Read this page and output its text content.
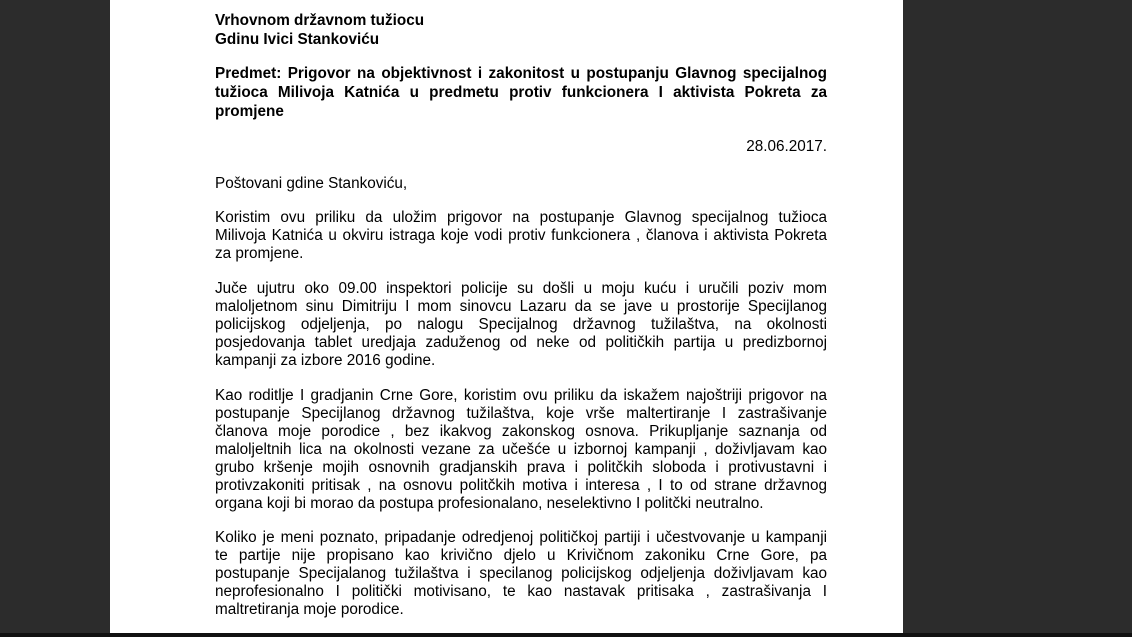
Vrhovnom državnom tužiocu
Gdinu Ivici Stankoviću
Predmet: Prigovor na objektivnost i zakonitost u postupanju Glavnog specijalnog
tužioca Milivoja Katnića u predmetu protiv funkcionera I aktivista Pokreta za
promjene
28.06.2017.
Poštovani gdine Stankoviću,
Koristim ovu priliku da uložim prigovor na postupanje Glavnog specijalnog tužioca
Milivoja Katnića u okviru istraga koje vodi protiv funkcionera , članova i aktivista Pokreta
za promjene.
Juče ujutru oko 09.00 inspektori policije su došli u moju kuću i uručili poziv mom
maloljetnom sinu Dimitriju I mom sinovcu Lazaru da se jave u prostorije Specijlanog
policijskog odjeljenja, po nalogu Specijalnog državnog tužilaštva, na okolnosti
posjedovanja tablet uredjaja zaduženog od neke od političkih partija u predizbornoj
kampanji za izbore 2016 godine.
Kao roditlje I gradjanin Crne Gore, koristim ovu priliku da iskažem najoštriji prigovor na
postupanje Specijlanog državnog tužilaštva, koje vrše maltertiranje I zastrašivanje
članova moje porodice , bez ikakvog zakonskog osnova. Prikupljanje saznanja od
maloljeltnih lica na okolnosti vezane za učešće u izbornoj kampanji , doživljavam kao
grubo kršenje mojih osnovnih gradjanskih prava i politčkih sloboda i protivustavni i
protivzakoniti pritisak , na osnovu politčkih motiva i interesa , I to od strane državnog
organa koji bi morao da postupa profesionalano, neselektivno I politčki neutralno.
Koliko je meni poznato, pripadanje odredjenoj političkoj partiji i učestvovanje u kampanji
te partije nije propisano kao krivično djelo u Krivičnom zakoniku Crne Gore, pa
postupanje Specijalanog tužilaštva i specilanog policijskog odjeljenja doživljavam kao
neprofesionalno I politički motivisano, te kao nastavak pritisaka , zastrašivanja I
maltretiranja moje porodice.
